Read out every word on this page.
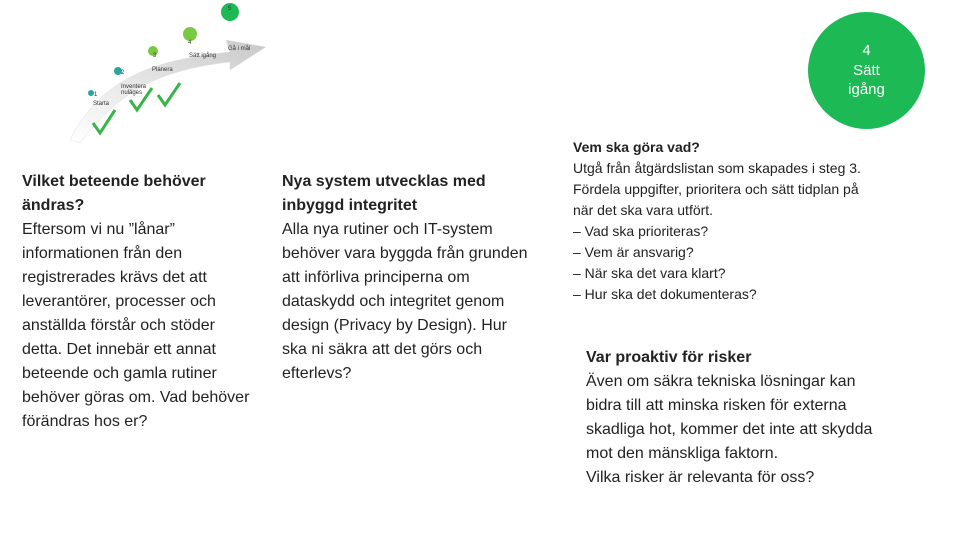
1
Starta
2
Inventera nuläges
3
Planera
4
Sätt igång
5
Gå i mål	4
Sätt
igång
Vilket beteende behöver ändras?
Eftersom vi nu ”lånar” informationen från den registrerades krävs det att leverantörer, processer och anställda förstår och stöder detta. Det innebär ett annat beteende och gamla rutiner behöver göras om. Vad behöver förändras hos er?
Nya system utvecklas med inbyggd integritet
Alla nya rutiner och IT-system behöver vara byggda från grunden att införliva principerna om dataskydd och integritet genom design (Privacy by Design). Hur ska ni säkra att det görs och efterlevs?
Vem ska göra vad?
Utgå från åtgärdslistan som skapades i steg 3. Fördela uppgifter, prioritera och sätt tidplan på när det ska vara utfört.
– Vad ska prioriteras?
– Vem är ansvarig?
– När ska det vara klart?
– Hur ska det dokumenteras?
Var proaktiv för risker
Även om säkra tekniska lösningar kan bidra till att minska risken för externa skadliga hot, kommer det inte att skydda mot den mänskliga faktorn.
Vilka risker är relevanta för oss?
